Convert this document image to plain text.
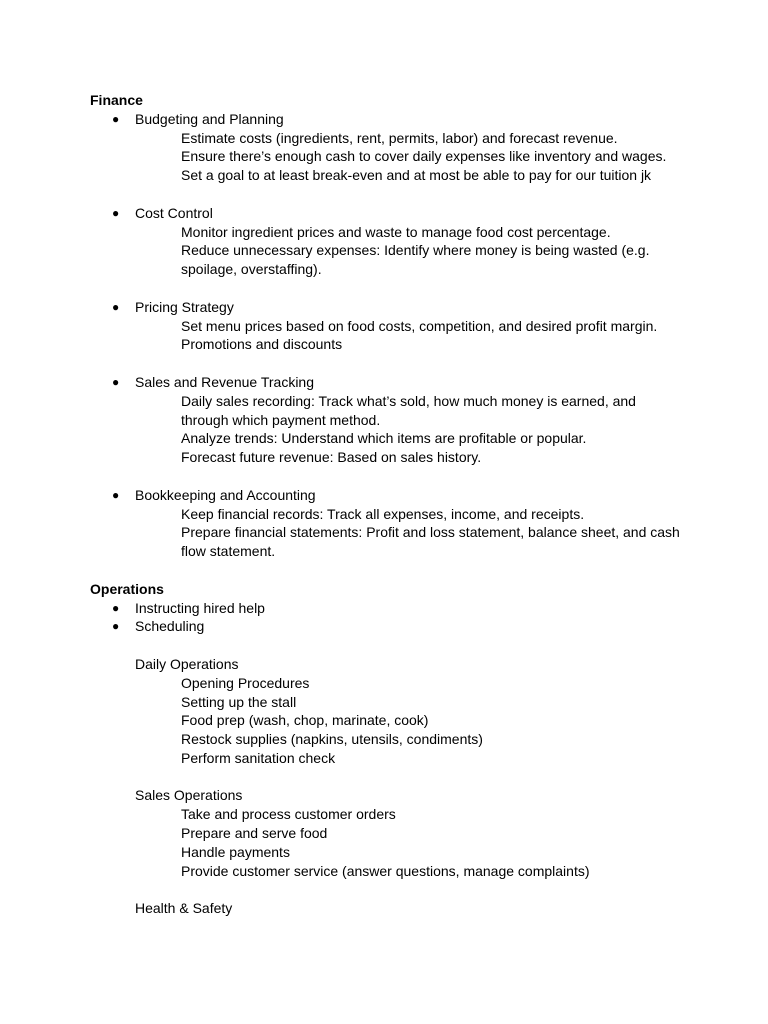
Finance
● Budgeting and Planning
Estimate costs (ingredients, rent, permits, labor) and forecast revenue.
Ensure there’s enough cash to cover daily expenses like inventory and wages.
Set a goal to at least break-even and at most be able to pay for our tuition jk
● Cost Control
Monitor ingredient prices and waste to manage food cost percentage.
Reduce unnecessary expenses: Identify where money is being wasted (e.g.
spoilage, overstaffing).
● Pricing Strategy
Set menu prices based on food costs, competition, and desired profit margin.
Promotions and discounts
● Sales and Revenue Tracking
Daily sales recording: Track what’s sold, how much money is earned, and
through which payment method.
Analyze trends: Understand which items are profitable or popular.
Forecast future revenue: Based on sales history.
● Bookkeeping and Accounting
Keep financial records: Track all expenses, income, and receipts.
Prepare financial statements: Profit and loss statement, balance sheet, and cash
flow statement.
Operations
● Instructing hired help
● Scheduling
Daily Operations
Opening Procedures
Setting up the stall
Food prep (wash, chop, marinate, cook)
Restock supplies (napkins, utensils, condiments)
Perform sanitation check
Sales Operations
Take and process customer orders
Prepare and serve food
Handle payments
Provide customer service (answer questions, manage complaints)
Health & Safety
